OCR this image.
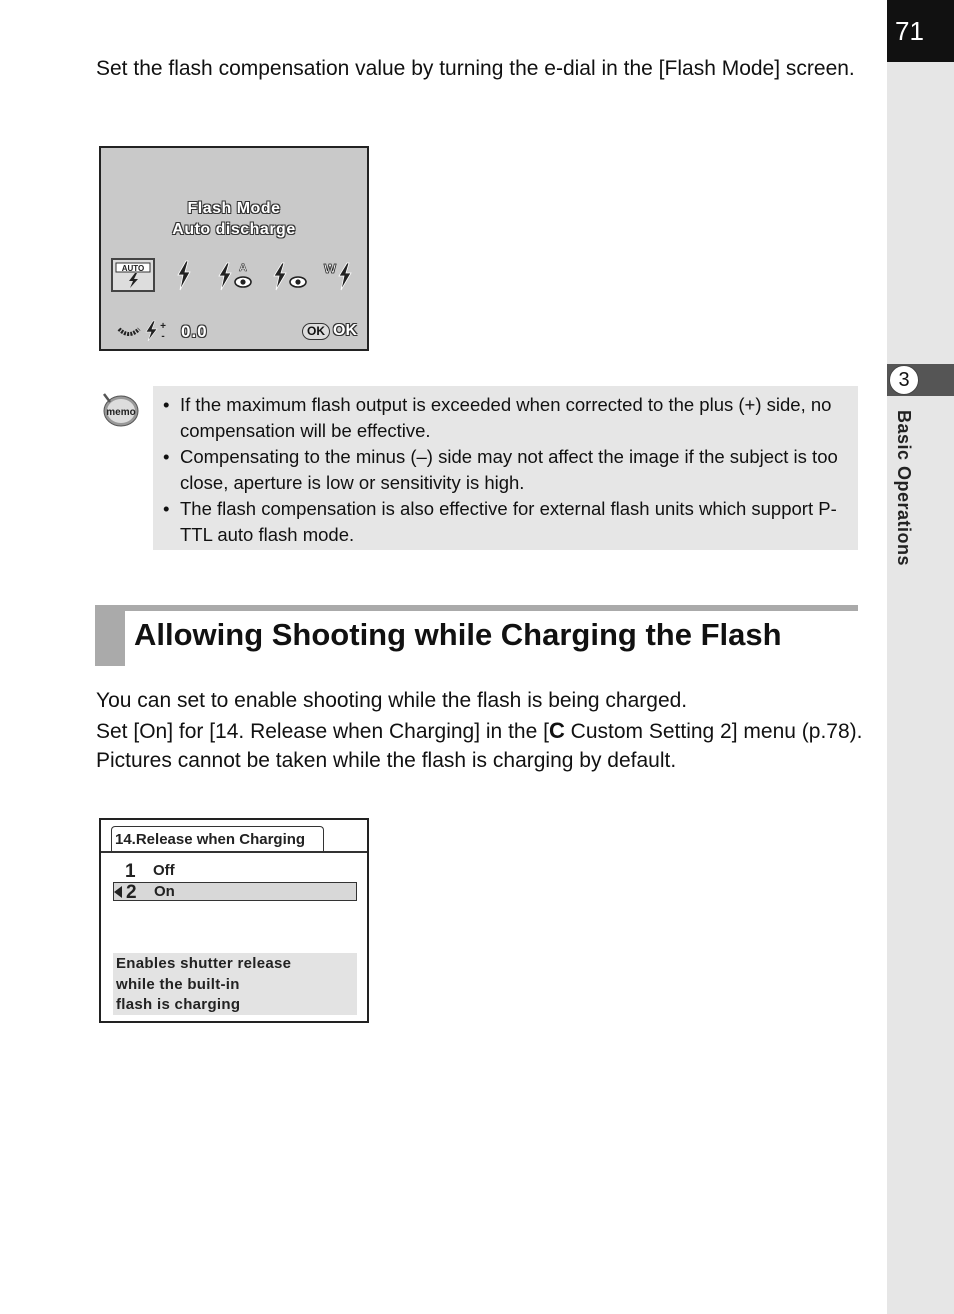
71
3
Basic Operations

Set the flash compensation value by turning the e-dial in the [Flash Mode] screen.

Flash Mode
Auto discharge
AUTO	A	W
+
- 0.0	OK OK
memo
•	If the maximum flash output is exceeded when corrected to the plus (+) side, no compensation will be effective.
• Compensating to the minus (–) side may not affect the image if the subject is too close, aperture is low or sensitivity is high.
• The flash compensation is also effective for external flash units which support P-TTL auto flash mode.
Allowing Shooting while Charging the Flash

You can set to enable shooting while the flash is being charged.
Set [On] for [14. Release when Charging] in the [C Custom Setting 2] menu (p.78). Pictures cannot be taken while the flash is charging by default.

14.Release when Charging
1 Off
2 On
Enables shutter release
while the built-in
flash is charging
